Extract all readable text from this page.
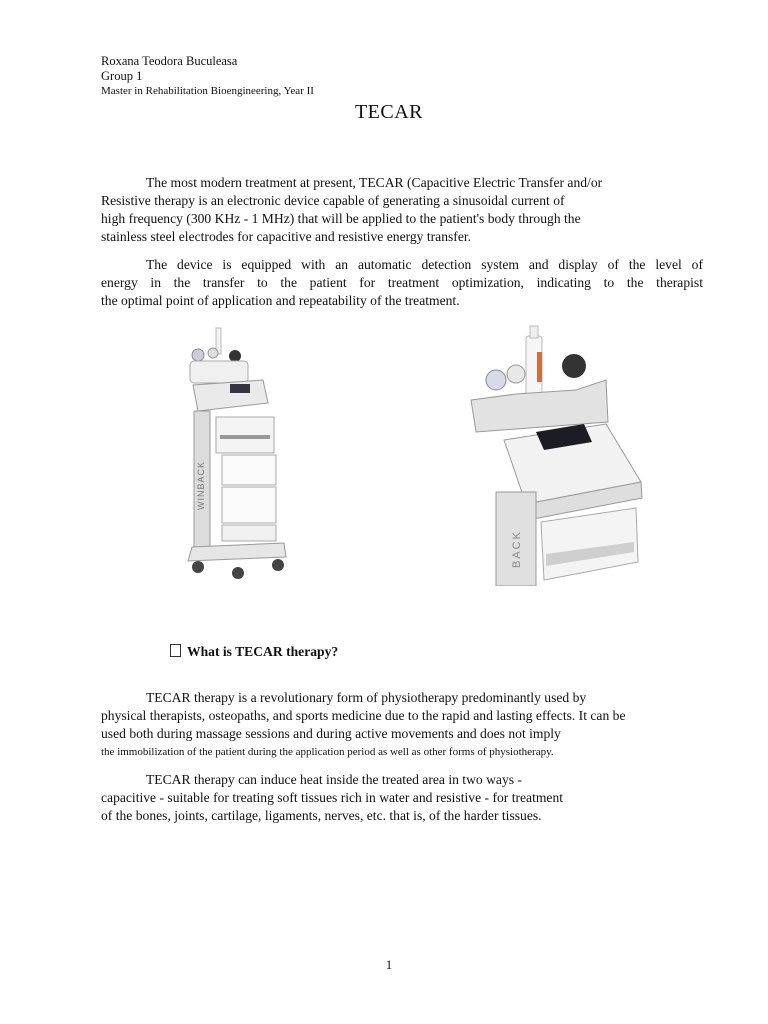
Roxana Teodora Buculeasa
Group 1
Master in Rehabilitation Bioengineering, Year II
TECAR
The most modern treatment at present, TECAR (Capacitive Electric Transfer and/or
Resistive therapy is an electronic device capable of generating a sinusoidal current of
high frequency (300 KHz - 1 MHz) that will be applied to the patient's body through the
stainless steel electrodes for capacitive and resistive energy transfer.
The device is equipped with an automatic detection system and display of the level of
energy in the transfer to the patient for treatment optimization, indicating to the therapist
the optimal point of application and repeatability of the treatment.
WINBACK
BACK
What is TECAR therapy?
TECAR therapy is a revolutionary form of physiotherapy predominantly used by
physical therapists, osteopaths, and sports medicine due to the rapid and lasting effects. It can be
used both during massage sessions and during active movements and does not imply
the immobilization of the patient during the application period as well as other forms of physiotherapy.
TECAR therapy can induce heat inside the treated area in two ways -
capacitive - suitable for treating soft tissues rich in water and resistive - for treatment
of the bones, joints, cartilage, ligaments, nerves, etc. that is, of the harder tissues.
1
